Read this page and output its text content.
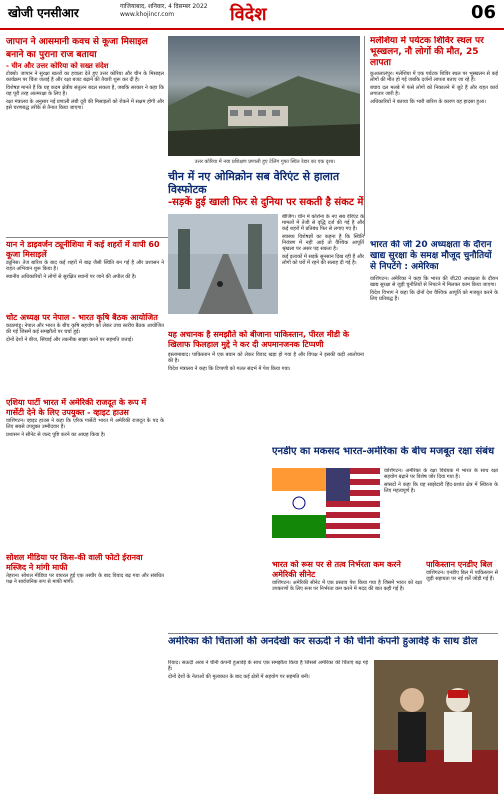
खोजी एनसीआर	गाजियाबाद, शनिवार, 4 दिसम्बर 2022
www.khojincr.com	विदेश	06
जापान ने आसमानी कवच से कूजा मिसाइल बनाने का पुराना राज बताया
- चीन और उत्तर कोरिया को सख्त संदेश

टोक्यो। जापान ने सुरक्षा खतरों का हवाला देते हुए उत्तर कोरिया और चीन के मिसाइल कार्यक्रम पर चिंता जताई है और रक्षा बजट बढ़ाने की तैयारी शुरू कर दी है।

विशेषज्ञ मानते हैं कि यह कदम क्षेत्रीय संतुलन बदल सकता है, जबकि सरकार ने कहा कि यह पूरी तरह आत्मरक्षा के लिए है।

रक्षा मंत्रालय के अनुसार नई प्रणाली लंबी दूरी की मिसाइलों को रोकने में सक्षम होगी और इसे चरणबद्ध तरीके से तैनात किया जाएगा।

यान ने डाइवर्जन ट्यूनीशिया में कई शहरों में वापी 60 कूजा मिसाइलें

ट्यूनिस। तेज बारिश के बाद कई शहरों में बाढ़ जैसी स्थिति बन गई है और प्रशासन ने राहत अभियान शुरू किया है।

स्थानीय अधिकारियों ने लोगों से सुरक्षित स्थानों पर जाने की अपील की है।

चोट अध्यक्ष पर नेपाल - भारत कृषि बैठक आयोजित

काठमांडू। नेपाल और भारत के बीच कृषि सहयोग को लेकर उच्च स्तरीय बैठक आयोजित की गई जिसमें कई समझौतों पर चर्चा हुई।

दोनों देशों ने बीज, सिंचाई और तकनीक साझा करने पर सहमति जताई।

एशिया पार्टी भारत में अमेरिकी राजदूत के रूप में गार्सेटी देने के लिए उपयुक्त - व्हाइट हाउस

वाशिंगटन। व्हाइट हाउस ने कहा कि एरिक गार्सेटी भारत में अमेरिकी राजदूत के पद के लिए सबसे उपयुक्त उम्मीदवार हैं।

प्रशासन ने सीनेट से जल्द पुष्टि करने का आग्रह किया है।

सोशल मीडिया पर किस-की वाली फोटो ईरानवा मस्जिद ने मांगी माफी

तेहरान। सोशल मीडिया पर वायरल हुई एक तस्वीर के बाद विवाद बढ़ गया और संबंधित पक्ष ने सार्वजनिक रूप से माफी मांगी।

उत्तर कोरिया में नया प्रशिक्षण प्रणाली हुए टेलिंग गुफा स्थित रेडार का एक दृश्य।
मलेशिया में पर्यटक शिविर स्थल पर भूस्खलन, नौ लोगों की मौत, 25 लापता

कुआलालंपुर। मलेशिया में एक पर्यटक शिविर स्थल पर भूस्खलन से कई लोगों की मौत हो गई जबकि दर्जनों लापता बताए जा रहे हैं।

बचाव दल मलबे में फंसे लोगों को निकालने में जुटे हैं और राहत कार्य लगातार जारी है।

अधिकारियों ने बताया कि भारी बारिश के कारण यह हादसा हुआ।

चीन में नए ओमिक्रोन सब वेरिएंट से हालात विस्फोटक
-सड़कें हुई खाली फिर से दुनिया पर सकती है संकट में

बीजिंग। चीन में कोरोना के नए सब वेरिएंट के मामलों में तेजी से वृद्धि दर्ज की गई है और कई शहरों में प्रतिबंध फिर से लगाए गए हैं।

स्वास्थ्य विशेषज्ञों का कहना है कि स्थिति नियंत्रण में नहीं आई तो वैश्विक आपूर्ति श्रृंखला पर असर पड़ सकता है।

कई इलाकों में सड़कें सुनसान दिख रही हैं और लोगों को घरों में रहने की सलाह दी गई है।

भारत की जी 20 अध्यक्षता के दौरान खाद्य सुरक्षा के समक्ष मौजूद चुनौतियों से निपटेंगे : अमेरिका

वाशिंगटन। अमेरिका ने कहा कि भारत की जी20 अध्यक्षता के दौरान खाद्य सुरक्षा से जुड़ी चुनौतियों से निपटने में मिलकर काम किया जाएगा।

विदेश विभाग ने कहा कि दोनों देश वैश्विक आपूर्ति को मजबूत करने के लिए प्रतिबद्ध हैं।

यह अचानक है समझौते को बीजाना पाकिस्तान, पीरल मीडी के खिलाफ फिलहाल मुद्दे ने कर दी अपमानजनक टिप्पणी

इस्लामाबाद। पाकिस्तान में एक बयान को लेकर विवाद खड़ा हो गया है और विपक्ष ने इसकी कड़ी आलोचना की है।

विदेश मंत्रालय ने कहा कि टिप्पणी को गलत संदर्भ में पेश किया गया।

एनडीए का मकसद भारत-अमेरिका के बीच मजबूत रक्षा संबंध

वाशिंगटन। अमेरिका के रक्षा विधेयक में भारत के साथ रक्षा सहयोग बढ़ाने पर विशेष जोर दिया गया है।

सांसदों ने कहा कि यह साझेदारी हिंद-प्रशांत क्षेत्र में स्थिरता के लिए महत्वपूर्ण है।

भारत को रूस पर से तत्व निर्भरता कम करने अमेरिकी सीनेट

वाशिंगटन। अमेरिकी सीनेट में एक प्रस्ताव पेश किया गया है जिसमें भारत को रक्षा उपकरणों के लिए रूस पर निर्भरता कम करने में मदद की बात कही गई है।

पाकिस्तान एनडीए बिल

वाशिंगटन। एनडीए बिल में पाकिस्तान से जुड़ी सहायता पर नई शर्तें जोड़ी गई हैं।

अमेरिका की चिंताओं की अनदेखी कर सऊदी ने की चीनी कंपनी हुआवेई के साथ डील

रियाद। सऊदी अरब ने चीनी कंपनी हुआवेई के साथ एक समझौता किया है जिससे अमेरिका की चिंताएं बढ़ गई हैं।

दोनों देशों के नेताओं की मुलाकात के बाद कई क्षेत्रों में सहयोग पर सहमति बनी।
